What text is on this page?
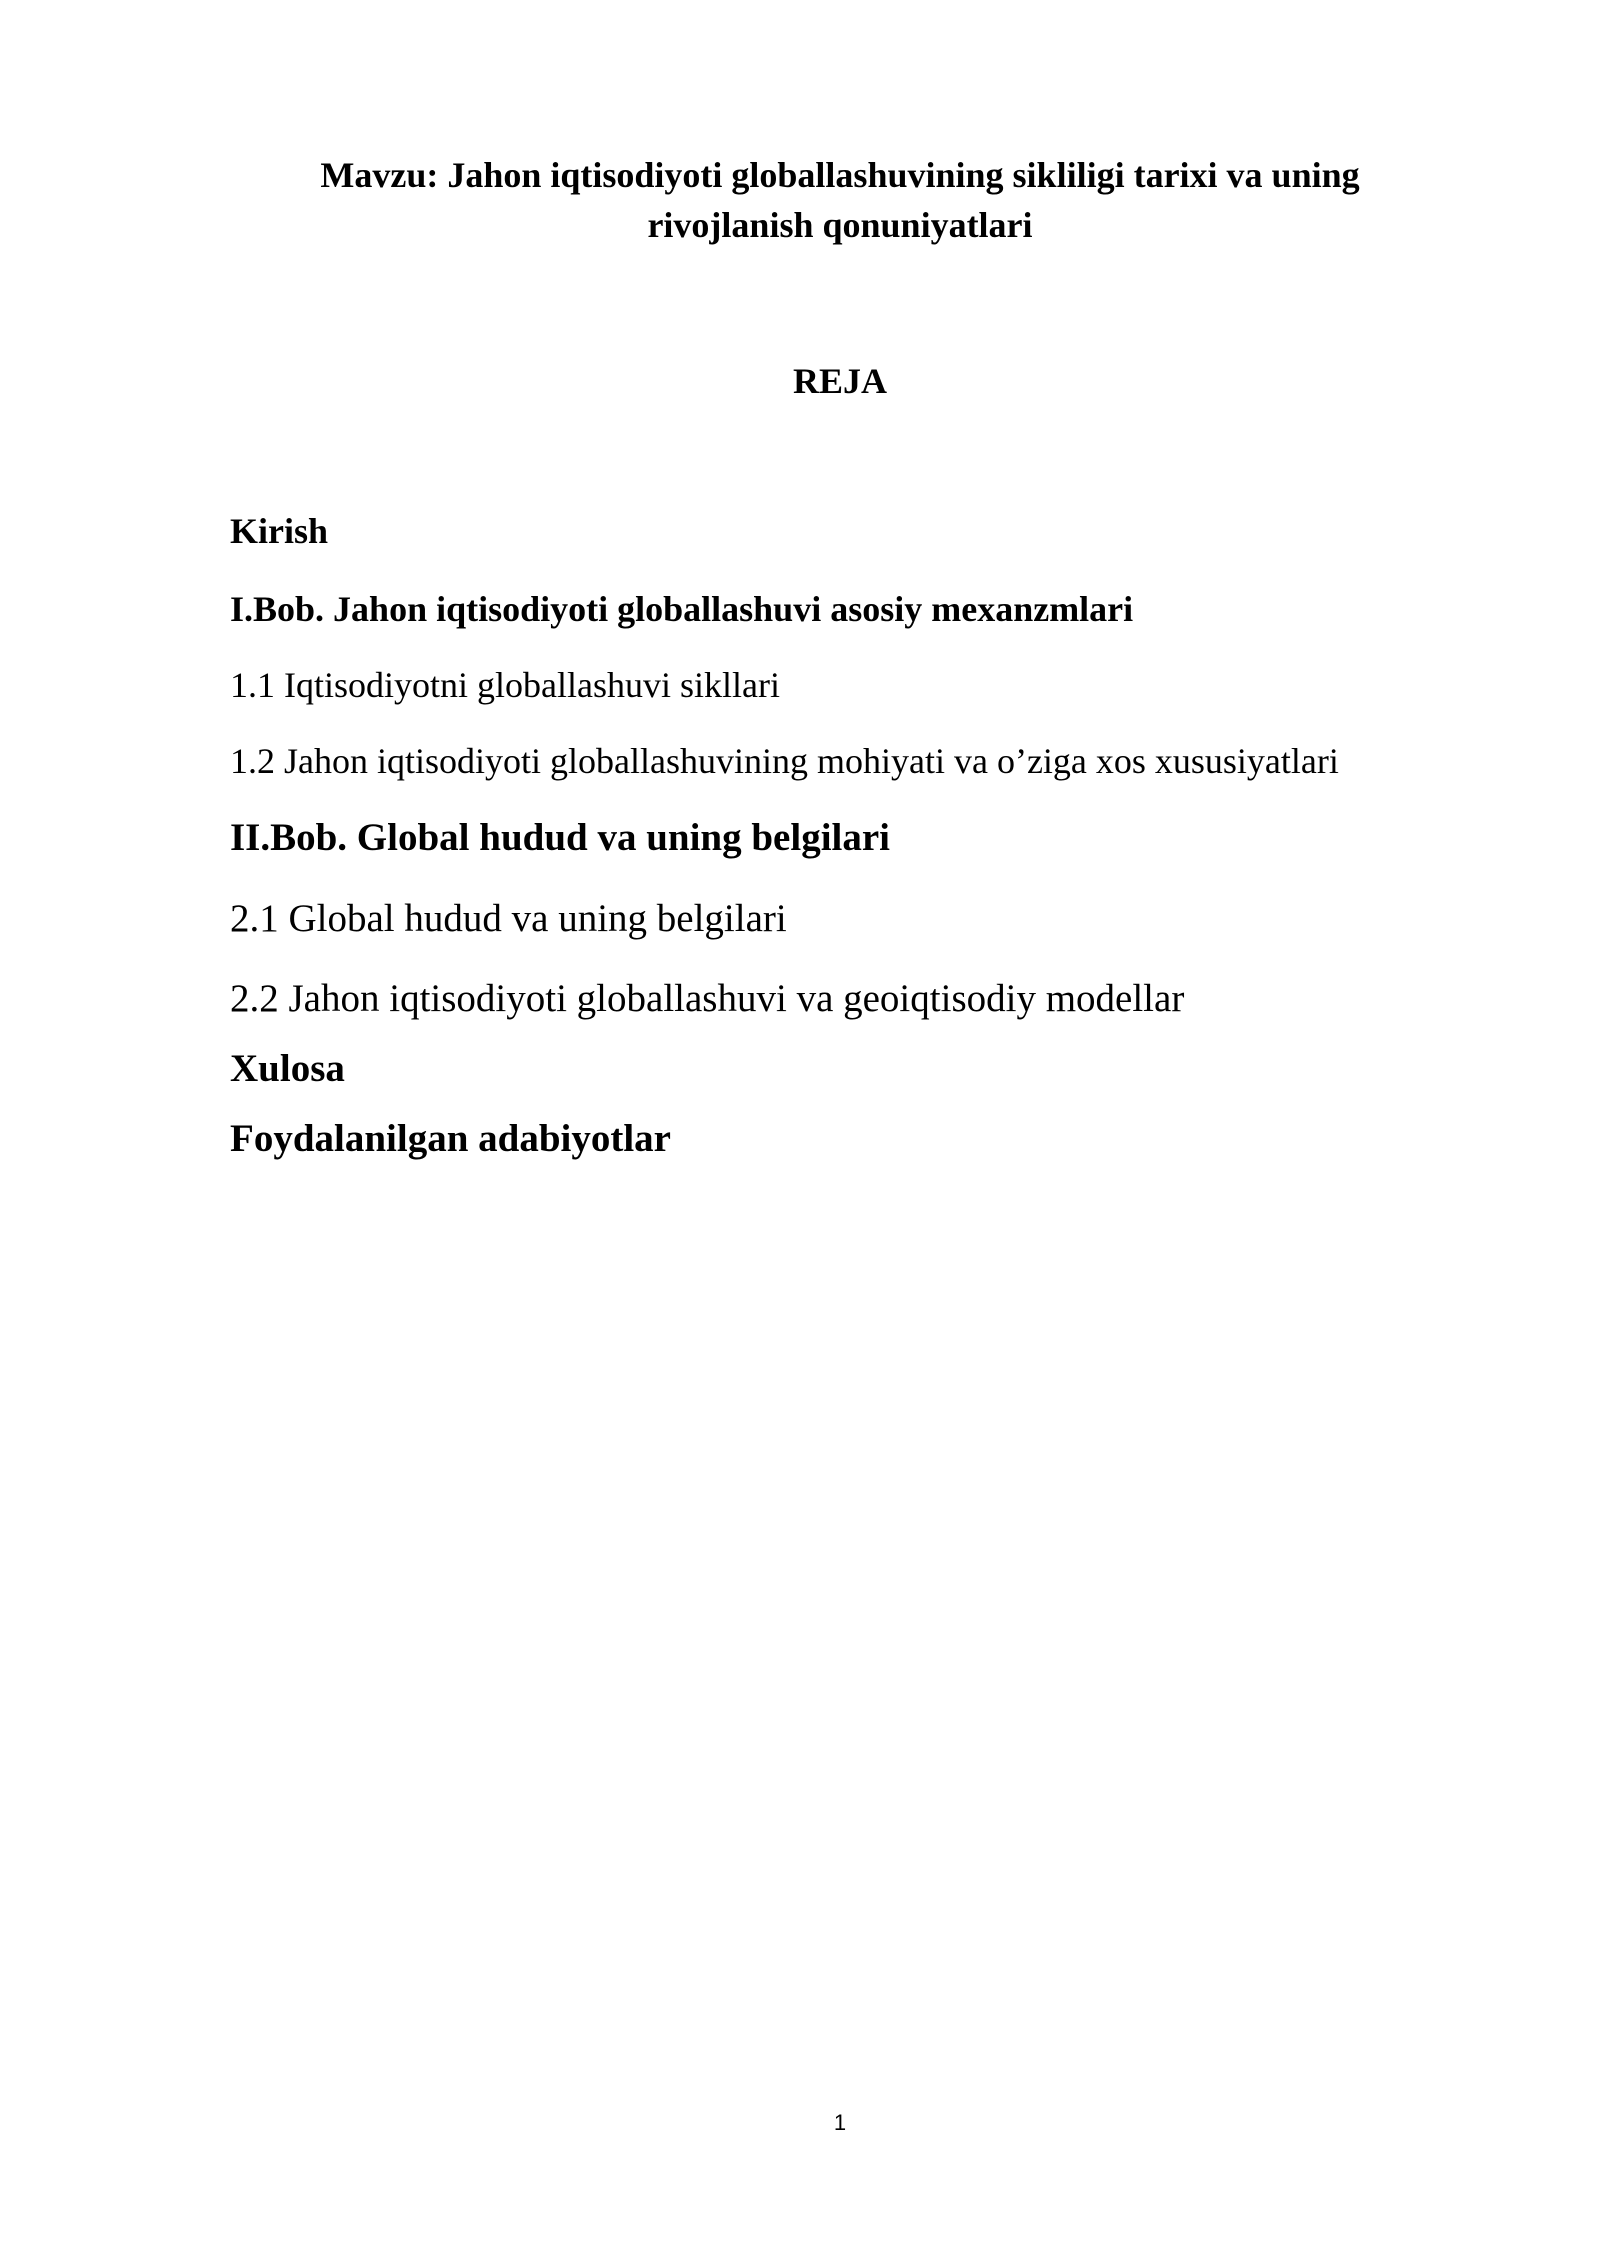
Mavzu: Jahon iqtisodiyoti globallashuvining sikliligi tarixi va uning
rivojlanish qonuniyatlari
REJA
Kirish
I.Bob. Jahon iqtisodiyoti globallashuvi asosiy mexanzmlari
1.1 Iqtisodiyotni globallashuvi sikllari
1.2 Jahon iqtisodiyoti globallashuvining mohiyati va o’ziga xos xususiyatlari
II.Bob. Global hudud va uning belgilari
2.1 Global hudud va uning belgilari
2.2 Jahon iqtisodiyoti globallashuvi va geoiqtisodiy modellar
Xulosa
Foydalanilgan adabiyotlar
1
